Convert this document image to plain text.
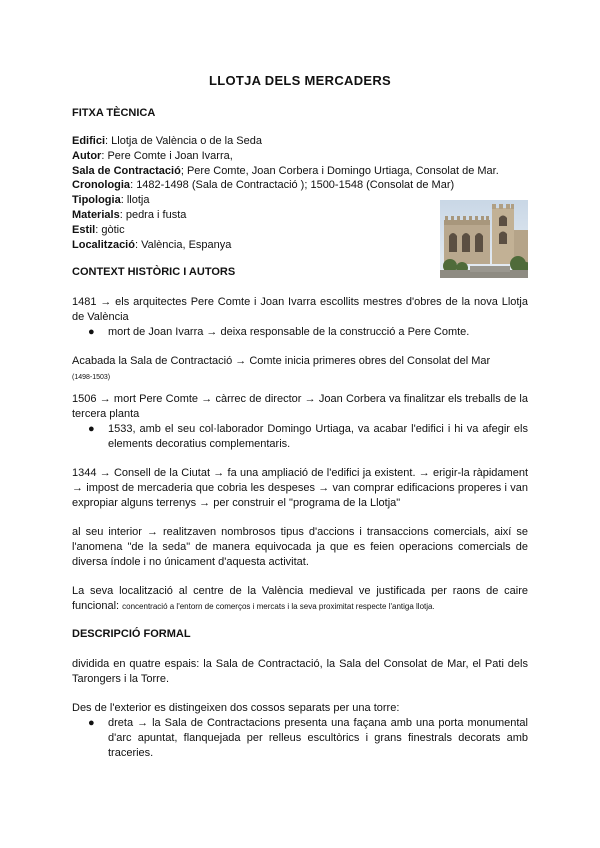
LLOTJA DELS MERCADERS
FITXA TÈCNICA
Edifici: Llotja de València o de la Seda
Autor: Pere Comte i Joan Ivarra,
Sala de Contractació; Pere Comte, Joan Corbera i Domingo Urtiaga, Consolat de Mar.
Cronologia: 1482-1498 (Sala de Contractació ); 1500-1548 (Consolat de Mar)
Tipologia: llotja
Materials: pedra i fusta
Estil: gòtic
Localització: València, Espanya
CONTEXT HISTÒRIC I AUTORS
1481 → els arquitectes Pere Comte i Joan Ivarra escollits mestres d'obres de la nova Llotja de València
● mort de Joan Ivarra → deixa responsable de la construcció a Pere Comte.
Acabada la Sala de Contractació → Comte inicia primeres obres del Consolat del Mar
(1498-1503)
1506 → mort Pere Comte → càrrec de director → Joan Corbera va finalitzar els treballs de la tercera planta
● 1533, amb el seu col·laborador Domingo Urtiaga, va acabar l'edifici i hi va afegir els elements decoratius complementaris.
1344 → Consell de la Ciutat → fa una ampliació de l'edifici ja existent. → erigir-la ràpidament → impost de mercaderia que cobria les despeses → van comprar edificacions properes i van expropiar alguns terrenys → per construir el "programa de la Llotja"
al seu interior → realitzaven nombrosos tipus d'accions i transaccions comercials, així se l'anomena "de la seda" de manera equivocada ja que es feien operacions comercials de diversa índole i no únicament d'aquesta activitat.
La seva localització al centre de la València medieval ve justificada per raons de caire funcional: concentració a l'entorn de comerços i mercats i la seva proximitat respecte l'antiga llotja.
DESCRIPCIÓ FORMAL
dividida en quatre espais: la Sala de Contractació, la Sala del Consolat de Mar, el Pati dels Tarongers i la Torre.
Des de l'exterior es distingeixen dos cossos separats per una torre:
● dreta → la Sala de Contractacions presenta una façana amb una porta monumental d'arc apuntat, flanquejada per relleus escultòrics i grans finestrals decorats amb traceries.
